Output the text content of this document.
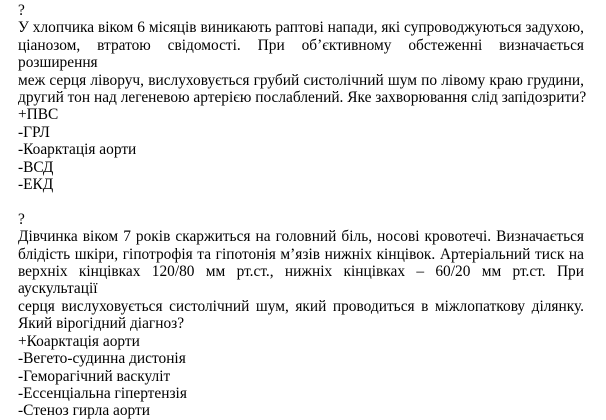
?
У хлопчика віком 6 місяців виникають раптові напади, які супроводжуються задухою,
ціанозом, втратою свідомості. При об’єктивному обстеженні визначається розширення
меж серця ліворуч, вислуховується грубий систолічний шум по лівому краю грудини,
другий тон над легеневою артерією послаблений. Яке захворювання слід запідозрити?
+ПВС
-ГРЛ
-Коарктація аорти
-ВСД
-ЕКД
?
Дівчинка віком 7 років скаржиться на головний біль, носові кровотечі. Визначається
блідість шкіри, гіпотрофія та гіпотонія м’язів нижніх кінцівок. Артеріальний тиск на
верхніх кінцівках 120/80 мм рт.ст., нижніх кінцівках – 60/20 мм рт.ст. При аускультації
серця вислуховується систолічний шум, який проводиться в міжлопаткову ділянку.
Який вірогідний діагноз?
+Коарктація аорти
-Вегето-судинна дистонія
-Геморагічний васкуліт
-Ессенціальна гіпертензія
-Стеноз гирла аорти
